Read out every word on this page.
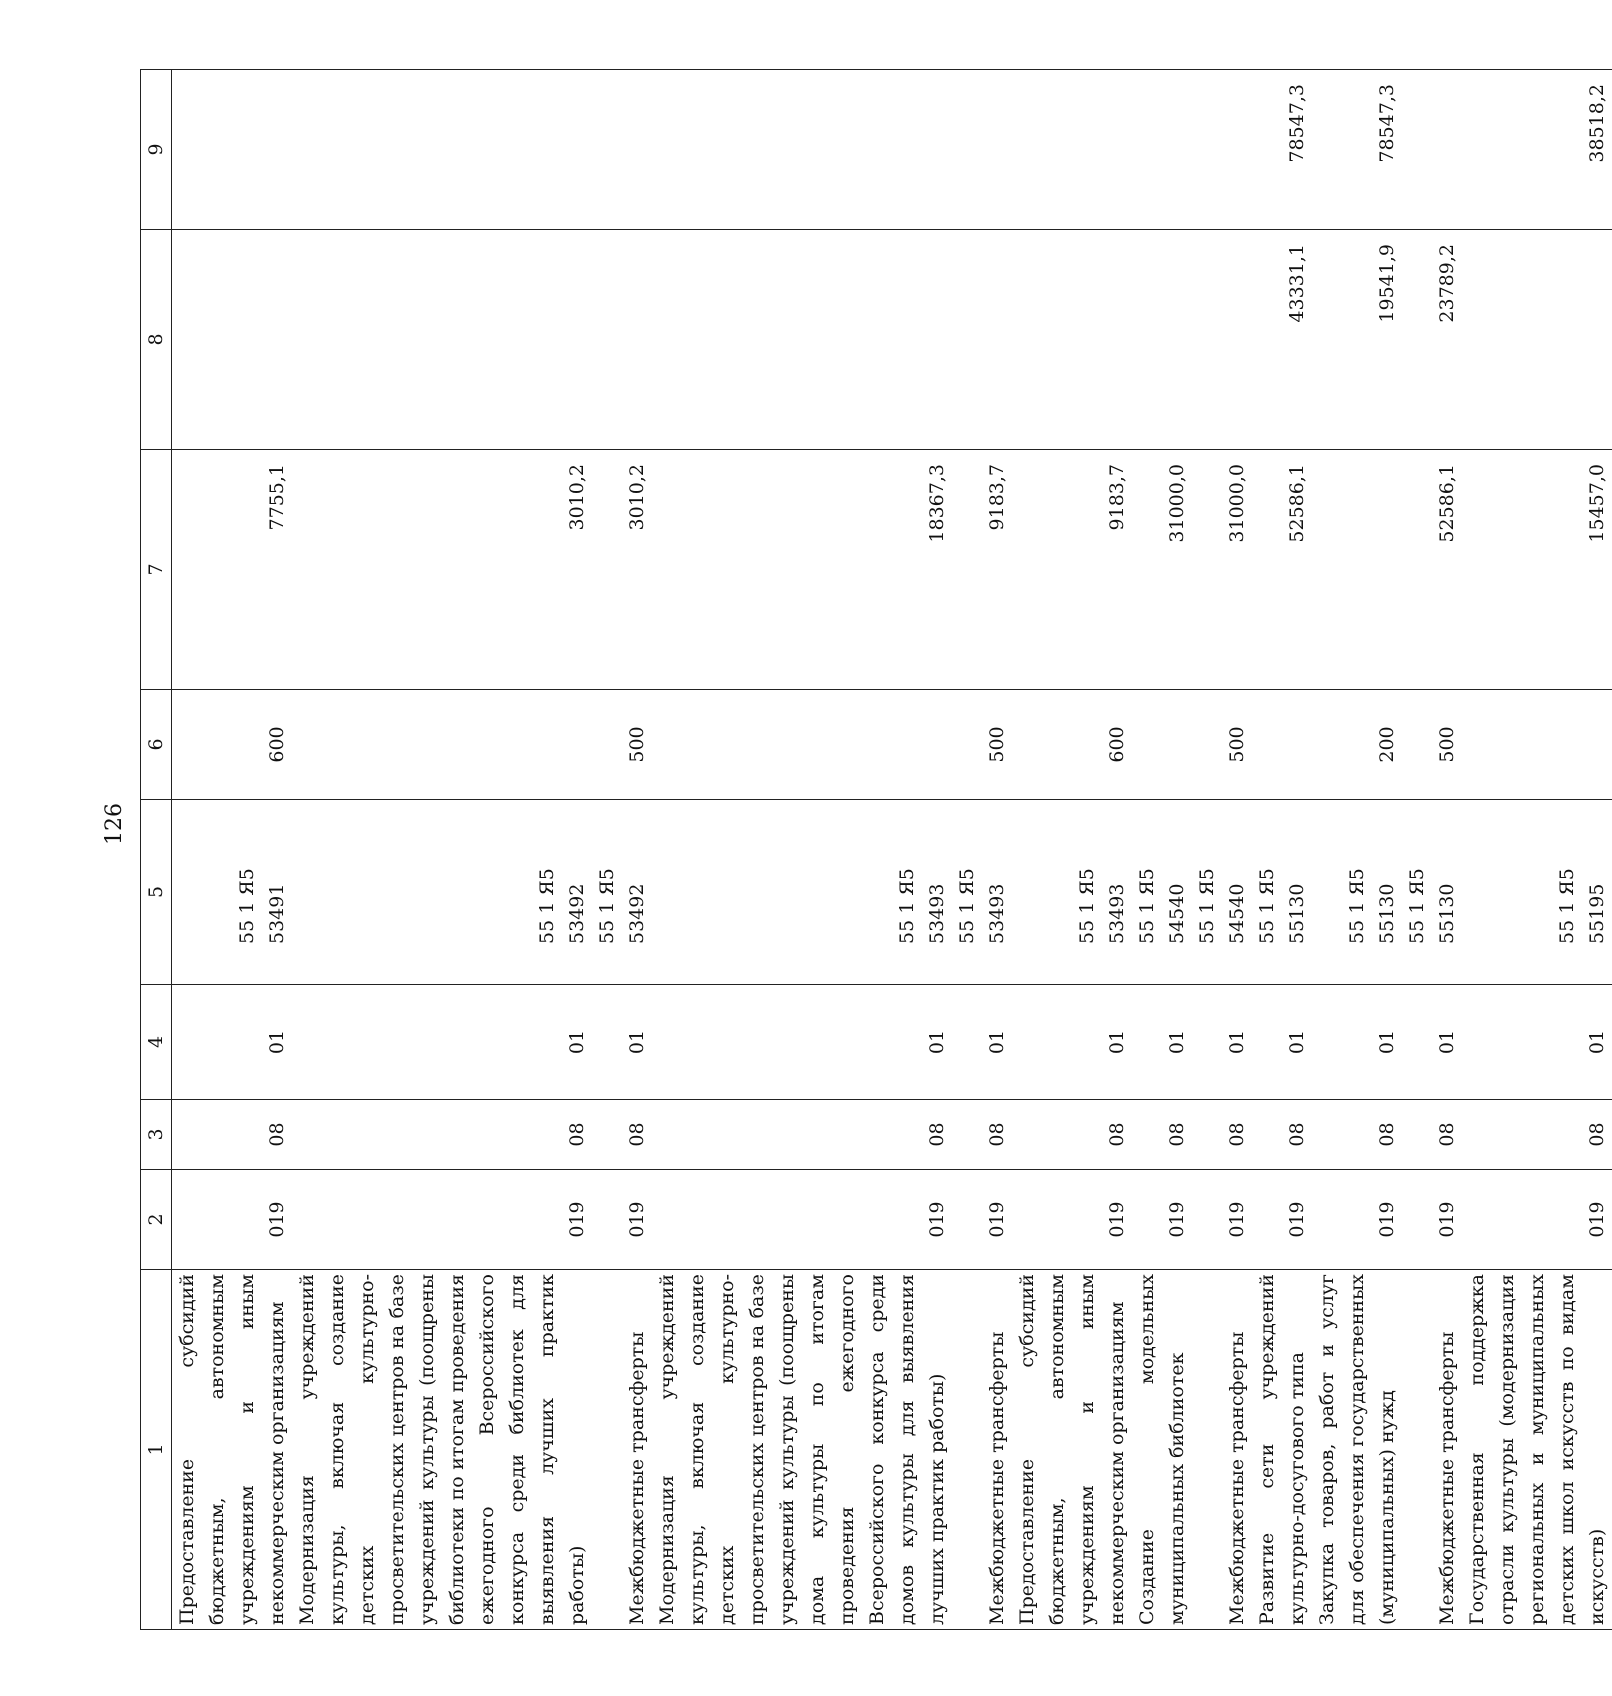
126
1	2	3	4	5	6	7	8	9
Предоставление субсидий бюджетным, автономным учреждениям и иным некоммерческим организациям	019	08	01	55 1 Я5 53491	600	7755,1		
Модернизация учреждений культуры, включая создание детских культурно-просветительских центров на базе учреждений культуры (поощрены библиотеки по итогам проведения ежегодного Всероссийского конкурса среди библиотек для выявления лучших практик работы)	019	08	01	55 1 Я5 53492		3010,2		
Межбюджетные трансферты	019	08	01	55 1 Я5 53492	500	3010,2		
Модернизация учреждений культуры, включая создание детских культурно-просветительских центров на базе учреждений культуры (поощрены дома культуры по итогам проведения ежегодного Всероссийского конкурса среди домов культуры для выявления лучших практик работы)	019	08	01	55 1 Я5 53493		18367,3		
Межбюджетные трансферты	019	08	01	55 1 Я5 53493	500	9183,7		
Предоставление субсидий бюджетным, автономным учреждениям и иным некоммерческим организациям	019	08	01	55 1 Я5 53493	600	9183,7		
Создание модельных муниципальных библиотек	019	08	01	55 1 Я5 54540		31000,0		
Межбюджетные трансферты	019	08	01	55 1 Я5 54540	500	31000,0		
Развитие сети учреждений культурно-досугового типа	019	08	01	55 1 Я5 55130		52586,1	43331,1	78547,3
Закупка товаров, работ и услуг для обеспечения государственных (муниципальных) нужд	019	08	01	55 1 Я5 55130	200		19541,9	78547,3
Межбюджетные трансферты	019	08	01	55 1 Я5 55130	500	52586,1	23789,2	
Государственная поддержка отрасли культуры (модернизация региональных и муниципальных детских школ искусств по видам искусств)	019	08	01	55 1 Я5 55195		15457,0		38518,2
